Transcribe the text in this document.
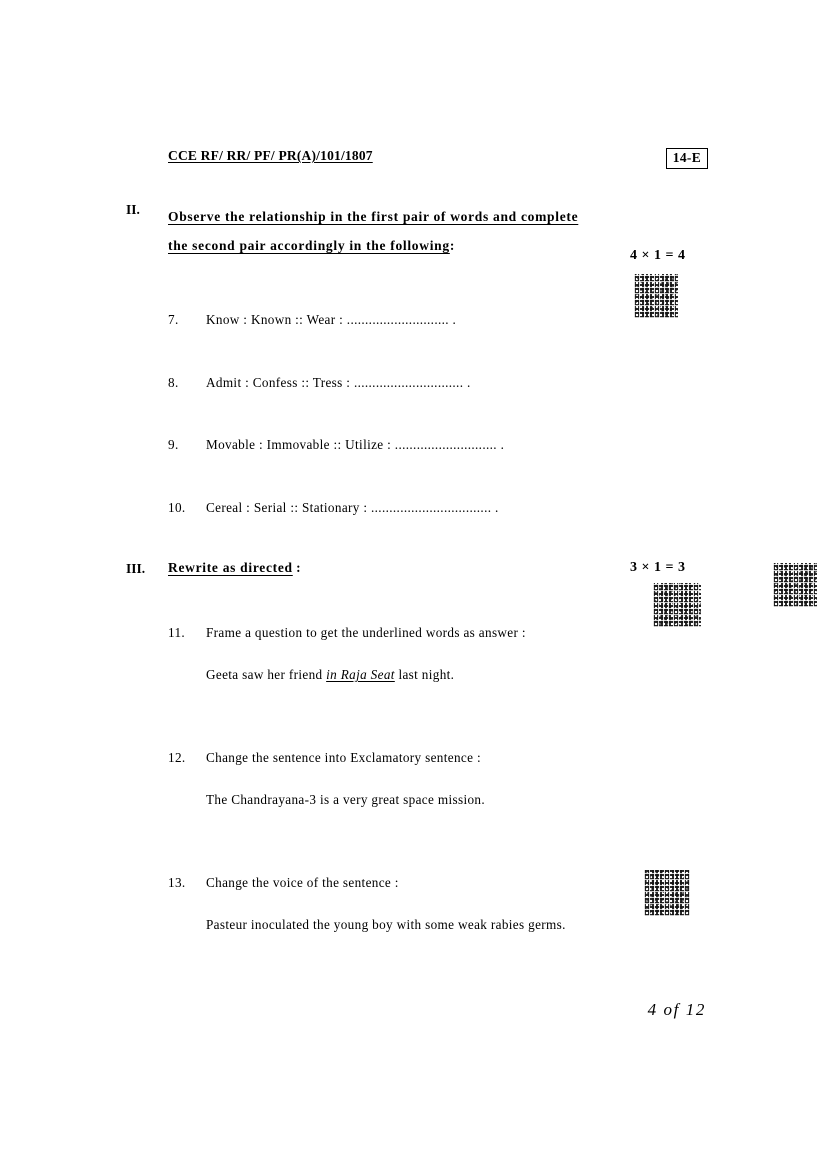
CCE RF/ RR/ PF/ PR(A)/101/1807	14-E
II. Observe the relationship in the first pair of words and complete
the second pair accordingly in the following:
4 × 1 = 4
7.	Know : Known :: Wear : ............................ .
8.	Admit : Confess :: Tress : .............................. .
9.	Movable : Immovable :: Utilize : ............................ .
10.	Cereal : Serial :: Stationary : ................................. .
III. Rewrite as directed :	3 × 1 = 3
11.	Frame a question to get the underlined words as answer :
Geeta saw her friend in Raja Seat last night.
12.	Change the sentence into Exclamatory sentence :
The Chandrayana-3 is a very great space mission.
13.	Change the voice of the sentence :
Pasteur inoculated the young boy with some weak rabies germs.
4 of 12
